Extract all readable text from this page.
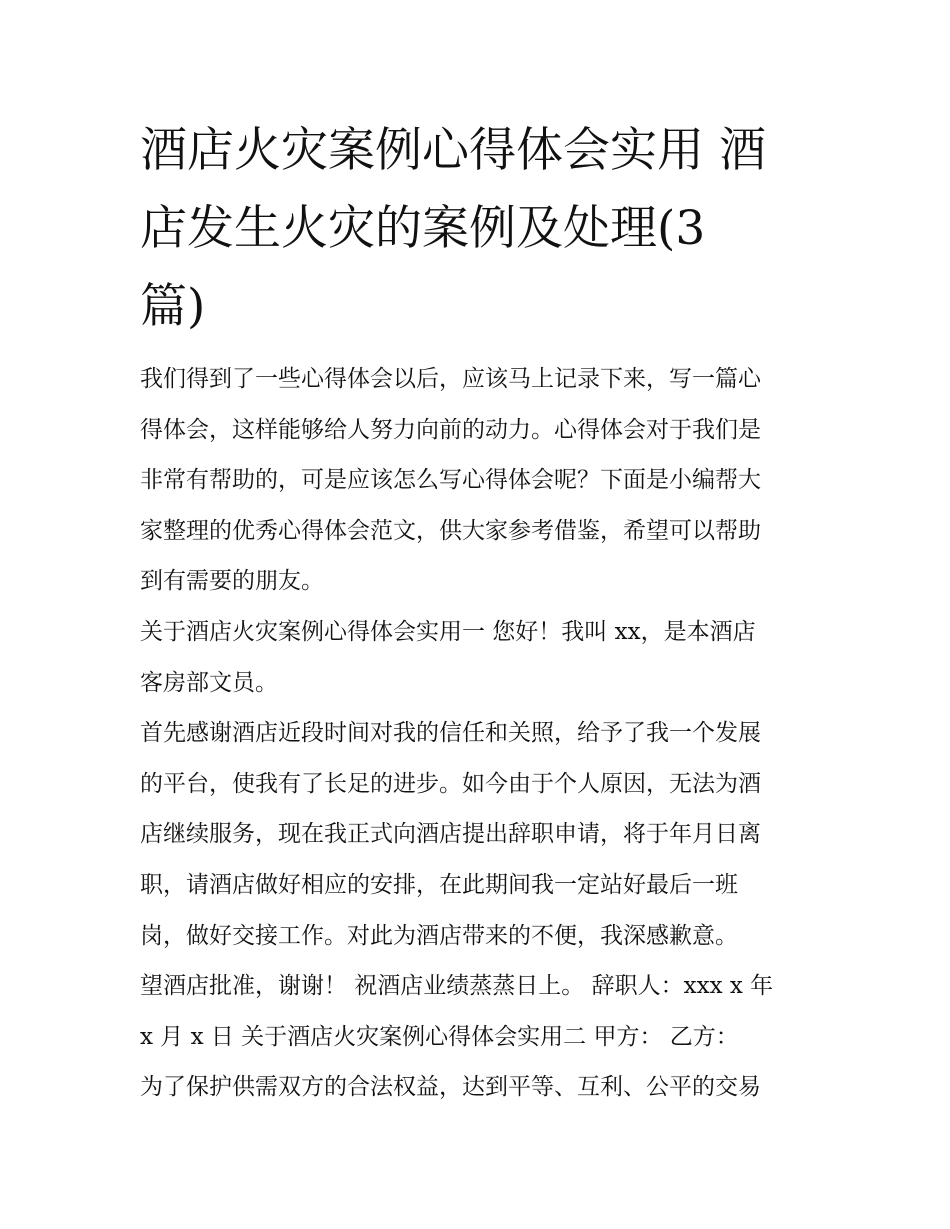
酒店火灾案例心得体会实用 酒
店发生火灾的案例及处理(3
篇)
我们得到了一些心得体会以后，应该马上记录下来，写一篇心
得体会，这样能够给人努力向前的动力。心得体会对于我们是
非常有帮助的，可是应该怎么写心得体会呢？下面是小编帮大
家整理的优秀心得体会范文，供大家参考借鉴，希望可以帮助
到有需要的朋友。
关于酒店火灾案例心得体会实用一 您好！我叫 xx，是本酒店
客房部文员。
首先感谢酒店近段时间对我的信任和关照，给予了我一个发展
的平台，使我有了长足的进步。如今由于个人原因，无法为酒
店继续服务，现在我正式向酒店提出辞职申请，将于年月日离
职，请酒店做好相应的安排，在此期间我一定站好最后一班
岗，做好交接工作。对此为酒店带来的不便，我深感歉意。
望酒店批准，谢谢！ 祝酒店业绩蒸蒸日上。 辞职人：xxx x 年
x 月 x 日 关于酒店火灾案例心得体会实用二 甲方： 乙方：
为了保护供需双方的合法权益，达到平等、互利、公平的交易
